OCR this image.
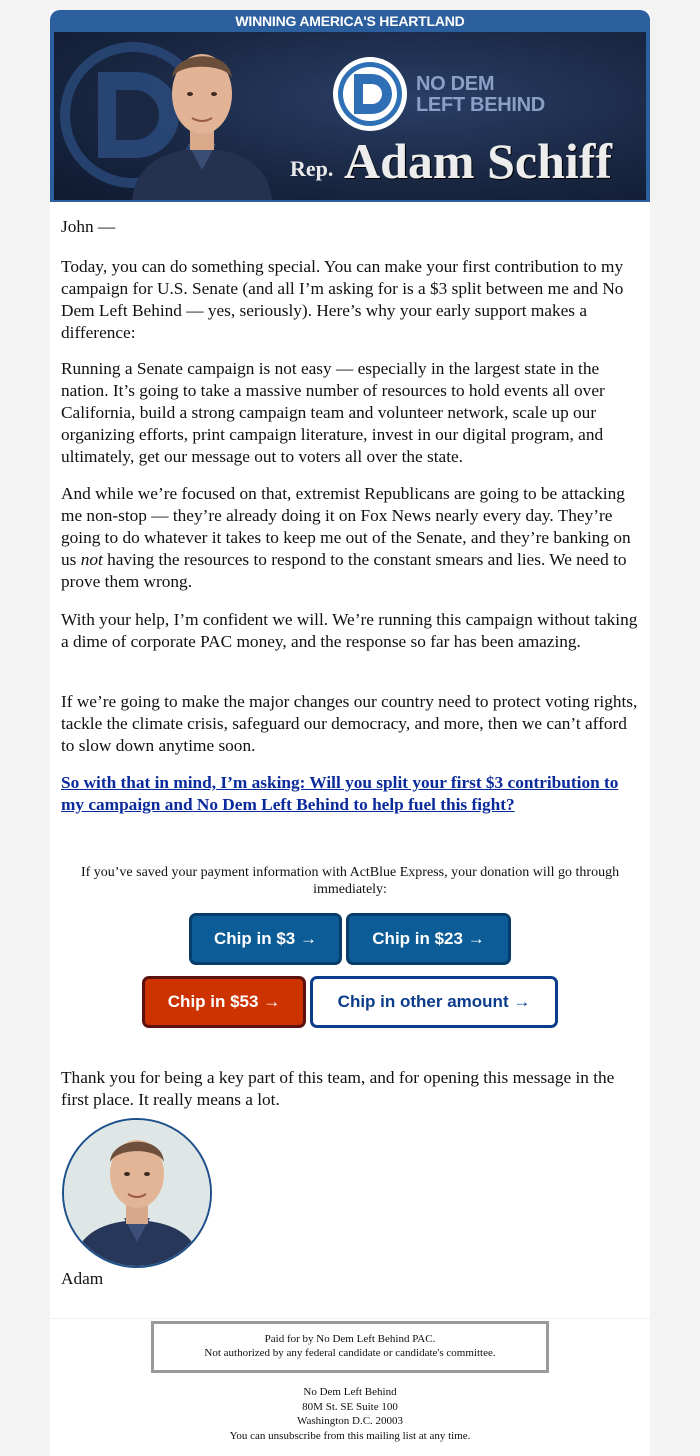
WINNING AMERICA'S HEARTLAND
NO DEM
LEFT BEHIND
Rep. Adam Schiff

John —

Today, you can do something special. You can make your first contribution to my campaign for U.S. Senate (and all I’m asking for is a $3 split between me and No Dem Left Behind — yes, seriously). Here’s why your early support makes a difference:

Running a Senate campaign is not easy — especially in the largest state in the nation. It’s going to take a massive number of resources to hold events all over California, build a strong campaign team and volunteer network, scale up our organizing efforts, print campaign literature, invest in our digital program, and ultimately, get our message out to voters all over the state.

And while we’re focused on that, extremist Republicans are going to be attacking me non-stop — they’re already doing it on Fox News nearly every day. They’re going to do whatever it takes to keep me out of the Senate, and they’re banking on us not having the resources to respond to the constant smears and lies. We need to prove them wrong.

With your help, I’m confident we will. We’re running this campaign without taking a dime of corporate PAC money, and the response so far has been amazing.

If we’re going to make the major changes our country need to protect voting rights, tackle the climate crisis, safeguard our democracy, and more, then we can’t afford to slow down anytime soon.

So with that in mind, I’m asking: Will you split your first $3 contribution to my campaign and No Dem Left Behind to help fuel this fight?
If you’ve saved your payment information with ActBlue Express, your donation will go through immediately:
Chip in $3 →	Chip in $23 →
Chip in $53 →	Chip in other amount →

Thank you for being a key part of this team, and for opening this message in the first place. It really means a lot.

Adam
Paid for by No Dem Left Behind PAC.
Not authorized by any federal candidate or candidate's committee.
No Dem Left Behind
80M St. SE Suite 100
Washington D.C. 20003
You can unsubscribe from this mailing list at any time.
